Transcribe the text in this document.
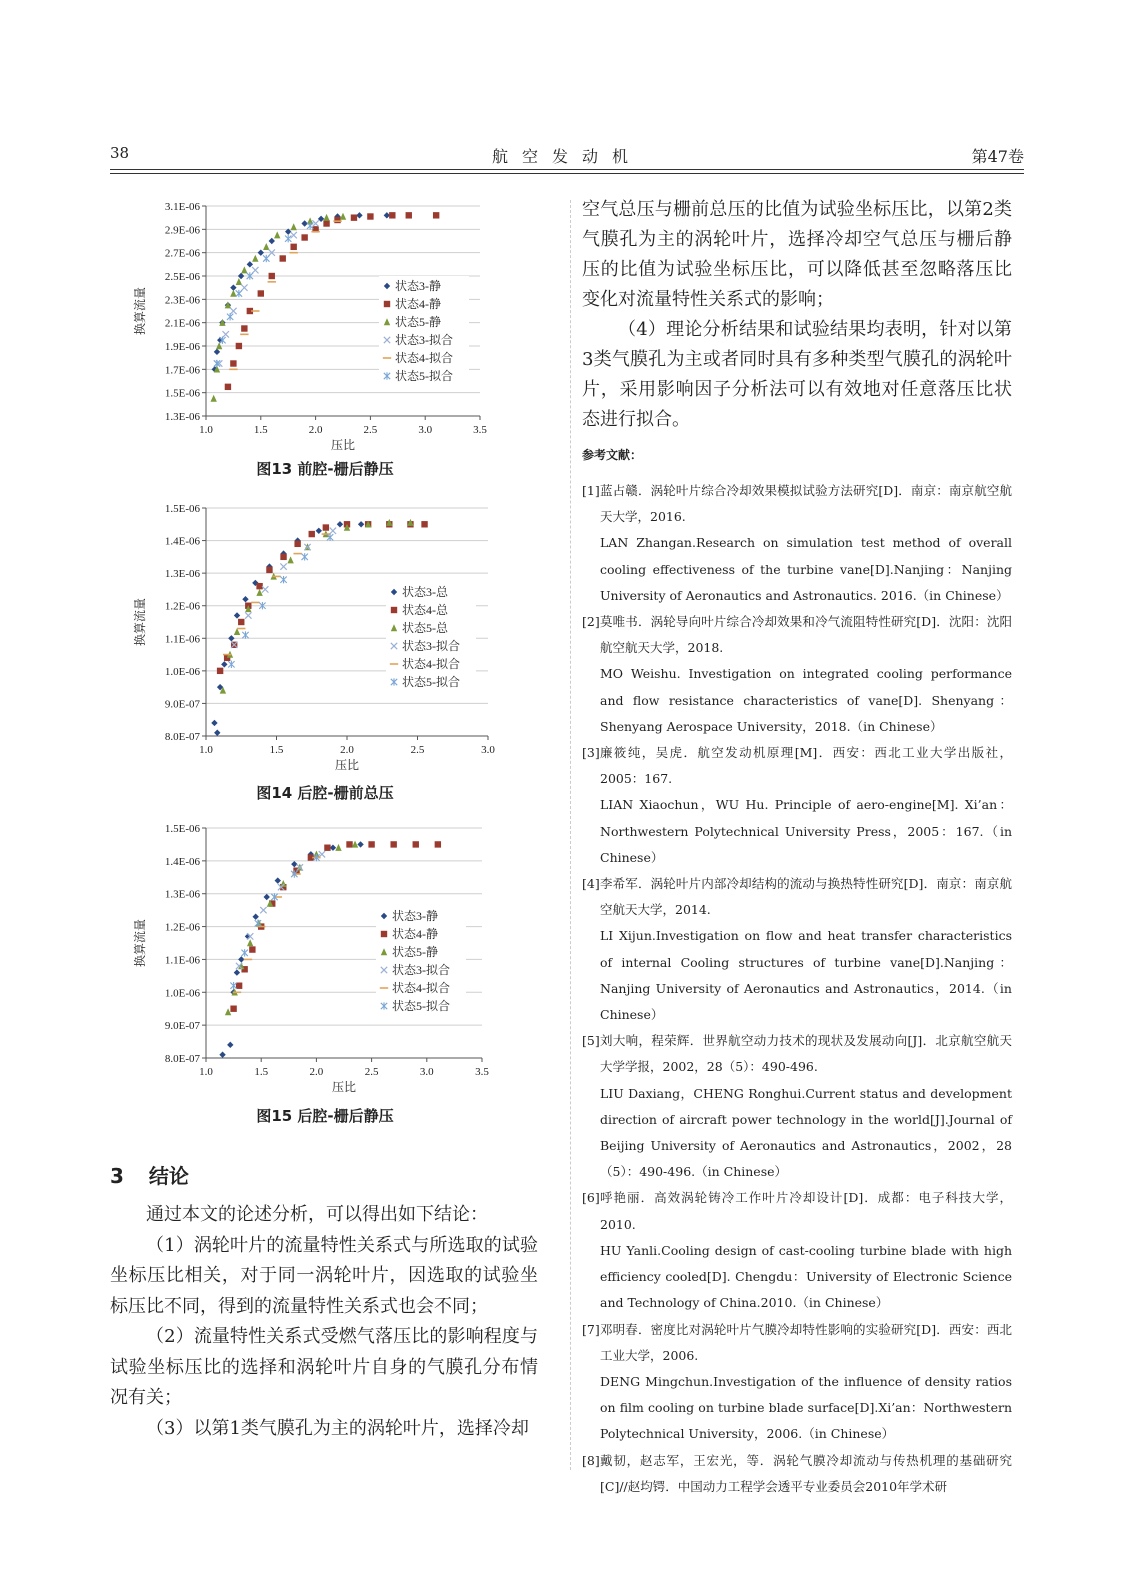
38	航空发动机	第47卷
1.3E-06
1.5E-06
1.7E-06
1.9E-06
2.1E-06
2.3E-06
2.5E-06
2.7E-06
2.9E-06
3.1E-06
1.0	1.5	2.0	2.5	3.0	3.5
压比
换算流量
状态3-静
状态4-静
状态5-静
状态3-拟合
状态4-拟合
状态5-拟合
图13 前腔-栅后静压
8.0E-07
9.0E-07
1.0E-06
1.1E-06
1.2E-06
1.3E-06
1.4E-06
1.5E-06
1.0	1.5	2.0	2.5	3.0
压比
换算流量
状态3-总
状态4-总
状态5-总
状态3-拟合
状态4-拟合
状态5-拟合
图14 后腔-栅前总压
8.0E-07
9.0E-07
1.0E-06
1.1E-06
1.2E-06
1.3E-06
1.4E-06
1.5E-06
1.0	1.5	2.0	2.5	3.0	3.5
压比
换算流量
状态3-静
状态4-静
状态5-静
状态3-拟合
状态4-拟合
状态5-拟合
图15 后腔-栅后静压
3 结论

通过本文的论述分析，可以得出如下结论：

（1）涡轮叶片的流量特性关系式与所选取的试验坐标压比相关，对于同一涡轮叶片，因选取的试验坐标压比不同，得到的流量特性关系式也会不同；

（2）流量特性关系式受燃气落压比的影响程度与试验坐标压比的选择和涡轮叶片自身的气膜孔分布情况有关；

（3）以第1类气膜孔为主的涡轮叶片，选择冷却

空气总压与栅前总压的比值为试验坐标压比，以第2类气膜孔为主的涡轮叶片，选择冷却空气总压与栅后静压的比值为试验坐标压比，可以降低甚至忽略落压比变化对流量特性关系式的影响；

（4）理论分析结果和试验结果均表明，针对以第3类气膜孔为主或者同时具有多种类型气膜孔的涡轮叶片，采用影响因子分析法可以有效地对任意落压比状态进行拟合。

参考文献：
[1] 蓝占赣．涡轮叶片综合冷却效果模拟试验方法研究[D]．南京：南京航空航天大学，2016.
LAN Zhangan.Research on simulation test method of overall cooling effectiveness of the turbine vane[D].Nanjing：Nanjing University of Aeronautics and Astronautics. 2016.（in Chinese）
[2] 莫唯书．涡轮导向叶片综合冷却效果和冷气流阻特性研究[D]．沈阳：沈阳航空航天大学，2018.
MO Weishu. Investigation on integrated cooling performance and flow resistance characteristics of vane[D]. Shenyang：Shenyang Aerospace University，2018.（in Chinese）
[3] 廉筱纯，吴虎．航空发动机原理[M]．西安：西北工业大学出版社，2005：167.
LIAN Xiaochun，WU Hu. Principle of aero-engine[M]. Xi’an：Northwestern Polytechnical University Press，2005：167.（in Chinese）
[4] 李希军．涡轮叶片内部冷却结构的流动与换热特性研究[D]．南京：南京航空航天大学，2014.
LI Xijun.Investigation on flow and heat transfer characteristics of internal Cooling structures of turbine vane[D].Nanjing：Nanjing University of Aeronautics and Astronautics，2014.（in Chinese）
[5] 刘大响，程荣辉．世界航空动力技术的现状及发展动向[J]．北京航空航天大学学报，2002，28（5）：490-496.
LIU Daxiang，CHENG Ronghui.Current status and development direction of aircraft power technology in the world[J].Journal of Beijing University of Aeronautics and Astronautics，2002，28（5）：490-496.（in Chinese）
[6] 呼艳丽．高效涡轮铸冷工作叶片冷却设计[D]．成都：电子科技大学，2010.
HU Yanli.Cooling design of cast-cooling turbine blade with high efficiency cooled[D]. Chengdu：University of Electronic Science and Technology of China.2010.（in Chinese）
[7] 邓明春．密度比对涡轮叶片气膜冷却特性影响的实验研究[D]．西安：西北工业大学，2006.
DENG Mingchun.Investigation of the influence of density ratios on film cooling on turbine blade surface[D].Xi’an：Northwestern Polytechnical University，2006.（in Chinese）
[8] 戴韧，赵志军，王宏光，等．涡轮气膜冷却流动与传热机理的基础研究[C]//赵均锷．中国动力工程学会透平专业委员会2010年学术研
